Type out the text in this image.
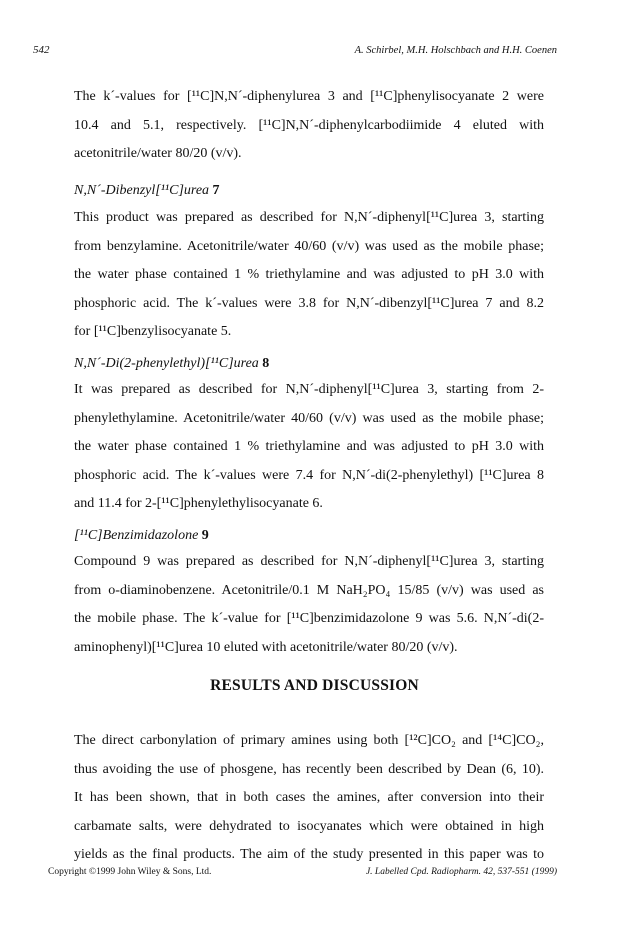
542	A. Schirbel, M.H. Holschbach and H.H. Coenen
The k´-values for [¹¹C]N,N´-diphenylurea 3 and [¹¹C]phenylisocyanate 2 were
10.4 and 5.1, respectively. [¹¹C]N,N´-diphenylcarbodiimide 4 eluted with
acetonitrile/water 80/20 (v/v).
N,N´-Dibenzyl[¹¹C]urea 7
This product was prepared as described for N,N´-diphenyl[¹¹C]urea 3, starting
from benzylamine. Acetonitrile/water 40/60 (v/v) was used as the mobile phase;
the water phase contained 1 % triethylamine and was adjusted to pH 3.0 with
phosphoric acid. The k´-values were 3.8 for N,N´-dibenzyl[¹¹C]urea 7 and 8.2
for [¹¹C]benzylisocyanate 5.
N,N´-Di(2-phenylethyl)[¹¹C]urea 8
It was prepared as described for N,N´-diphenyl[¹¹C]urea 3, starting from 2-
phenylethylamine. Acetonitrile/water 40/60 (v/v) was used as the mobile phase;
the water phase contained 1 % triethylamine and was adjusted to pH 3.0 with
phosphoric acid. The k´-values were 7.4 for N,N´-di(2-phenylethyl) [¹¹C]urea 8
and 11.4 for 2-[¹¹C]phenylethylisocyanate 6.
[¹¹C]Benzimidazolone 9
Compound 9 was prepared as described for N,N´-diphenyl[¹¹C]urea 3, starting
from o-diaminobenzene. Acetonitrile/0.1 M NaH₂PO₄ 15/85 (v/v) was used as
the mobile phase. The k´-value for [¹¹C]benzimidazolone 9 was 5.6. N,N´-di(2-
aminophenyl)[¹¹C]urea 10 eluted with acetonitrile/water 80/20 (v/v).
RESULTS AND DISCUSSION
The direct carbonylation of primary amines using both [¹²C]CO₂ and [¹⁴C]CO₂,
thus avoiding the use of phosgene, has recently been described by Dean (6, 10).
It has been shown, that in both cases the amines, after conversion into their
carbamate salts, were dehydrated to isocyanates which were obtained in high
yields as the final products. The aim of the study presented in this paper was to
Copyright ©1999 John Wiley & Sons, Ltd.	J. Labelled Cpd. Radiopharm. 42, 537-551 (1999)
